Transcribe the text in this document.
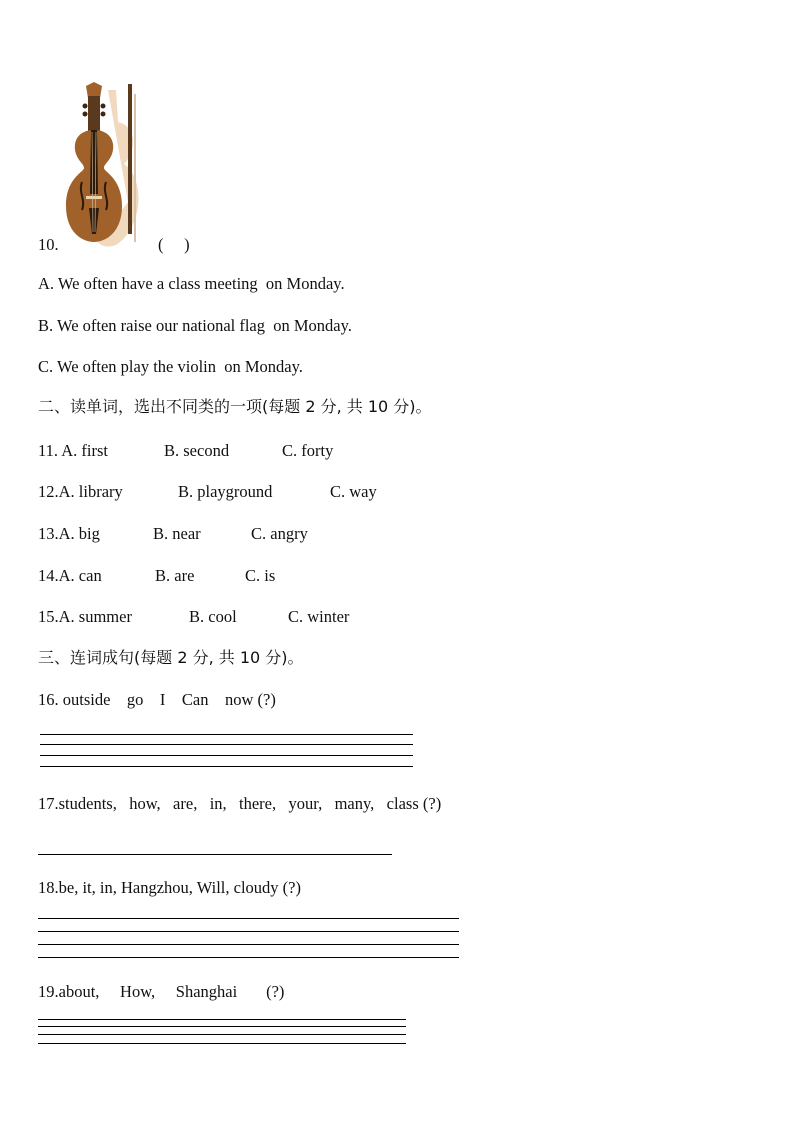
10.	(     )
A. We often have a class meeting  on Monday.
B. We often raise our national flag  on Monday.
C. We often play the violin  on Monday.
二、读单词，选出不同类的一项(每题 2 分, 共 10 分)。
11. A. first	B. second	C. forty
12.A. library	B. playground	C. way
13.A. big	B. near	C. angry
14.A. can	B. are	C. is
15.A. summer	B. cool	C. winter
三、连词成句(每题 2 分, 共 10 分)。
16. outside    go    I    Can    now (?)
17.students,   how,   are,   in,   there,   your,   many,   class (?)
18.be, it, in, Hangzhou, Will, cloudy (?)
19.about,     How,     Shanghai       (?)
